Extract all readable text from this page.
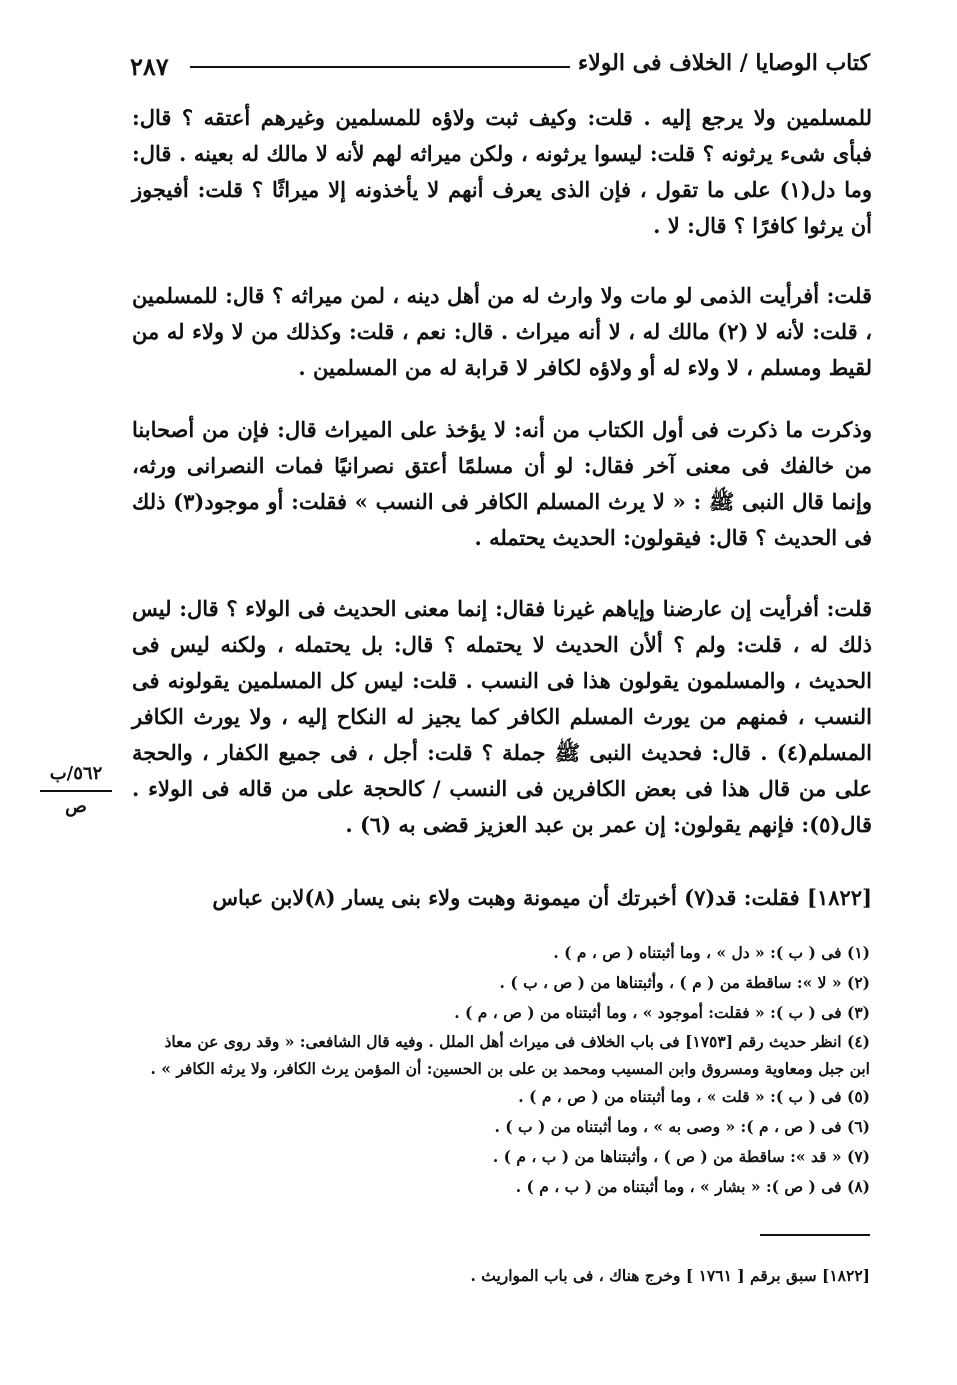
كتاب الوصايا / الخلاف فى الولاء
٢٨٧

للمسلمين ولا يرجع إليه . قلت: وكيف ثبت ولاؤه للمسلمين وغيرهم أعتقه ؟ قال: فبأى شىء يرثونه ؟ قلت: ليسوا يرثونه ، ولكن ميراثه لهم لأنه لا مالك له بعينه . قال: وما دل(١) على ما تقول ، فإن الذى يعرف أنهم لا يأخذونه إلا ميراثًا ؟ قلت: أفيجوز أن يرثوا كافرًا ؟ قال: لا .

قلت: أفرأيت الذمى لو مات ولا وارث له من أهل دينه ، لمن ميراثه ؟ قال: للمسلمين ، قلت: لأنه لا (٢) مالك له ، لا أنه ميراث . قال: نعم ، قلت: وكذلك من لا ولاء له من لقيط ومسلم ، لا ولاء له أو ولاؤه لكافر لا قرابة له من المسلمين .

وذكرت ما ذكرت فى أول الكتاب من أنه: لا يؤخذ على الميراث قال: فإن من أصحابنا من خالفك فى معنى آخر فقال: لو أن مسلمًا أعتق نصرانيًا فمات النصرانى ورثه، وإنما قال النبى ﷺ : « لا يرث المسلم الكافر فى النسب » فقلت: أو موجود(٣) ذلك فى الحديث ؟ قال: فيقولون: الحديث يحتمله .

قلت: أفرأيت إن عارضنا وإياهم غيرنا فقال: إنما معنى الحديث فى الولاء ؟ قال: ليس ذلك له ، قلت: ولم ؟ ألأن الحديث لا يحتمله ؟ قال: بل يحتمله ، ولكنه ليس فى الحديث ، والمسلمون يقولون هذا فى النسب . قلت: ليس كل المسلمين يقولونه فى النسب ، فمنهم من يورث المسلم الكافر كما يجيز له النكاح إليه ، ولا يورث الكافر المسلم(٤) . قال: فحديث النبى ﷺ جملة ؟ قلت: أجل ، فى جميع الكفار ، والحجة على من قال هذا فى بعض الكافرين فى النسب / كالحجة على من قاله فى الولاء . قال(٥): فإنهم يقولون: إن عمر بن عبد العزيز قضى به (٦) .

[١٨٢٢] فقلت: قد(٧) أخبرتك أن ميمونة وهبت ولاء بنى يسار (٨)لابن عباس

٥٦٢/ب
ص

(١) فى ( ب ): « دل » ، وما أثبتناه ( ص ، م ) .

(٢) « لا »: ساقطة من ( م ) ، وأثبتناها من ( ص ، ب ) .

(٣) فى ( ب ): « فقلت: أموجود » ، وما أثبتناه من ( ص ، م ) .

(٤) انظر حديث رقم [١٧٥٣] فى باب الخلاف فى ميراث أهل الملل . وفيه قال الشافعى: « وقد روى عن معاذ ابن جبل ومعاوية ومسروق وابن المسيب ومحمد بن على بن الحسين: أن المؤمن يرث الكافر، ولا يرثه الكافر » .

(٥) فى ( ب ): « قلت » ، وما أثبتناه من ( ص ، م ) .

(٦) فى ( ص ، م ): « وصى به » ، وما أثبتناه من ( ب ) .

(٧) « قد »: ساقطة من ( ص ) ، وأثبتناها من ( ب ، م ) .

(٨) فى ( ص ): « بشار » ، وما أثبتناه من ( ب ، م ) .

[١٨٢٢] سبق برقم [ ١٧٦١ ] وخرج هناك ، فى باب المواريث .
